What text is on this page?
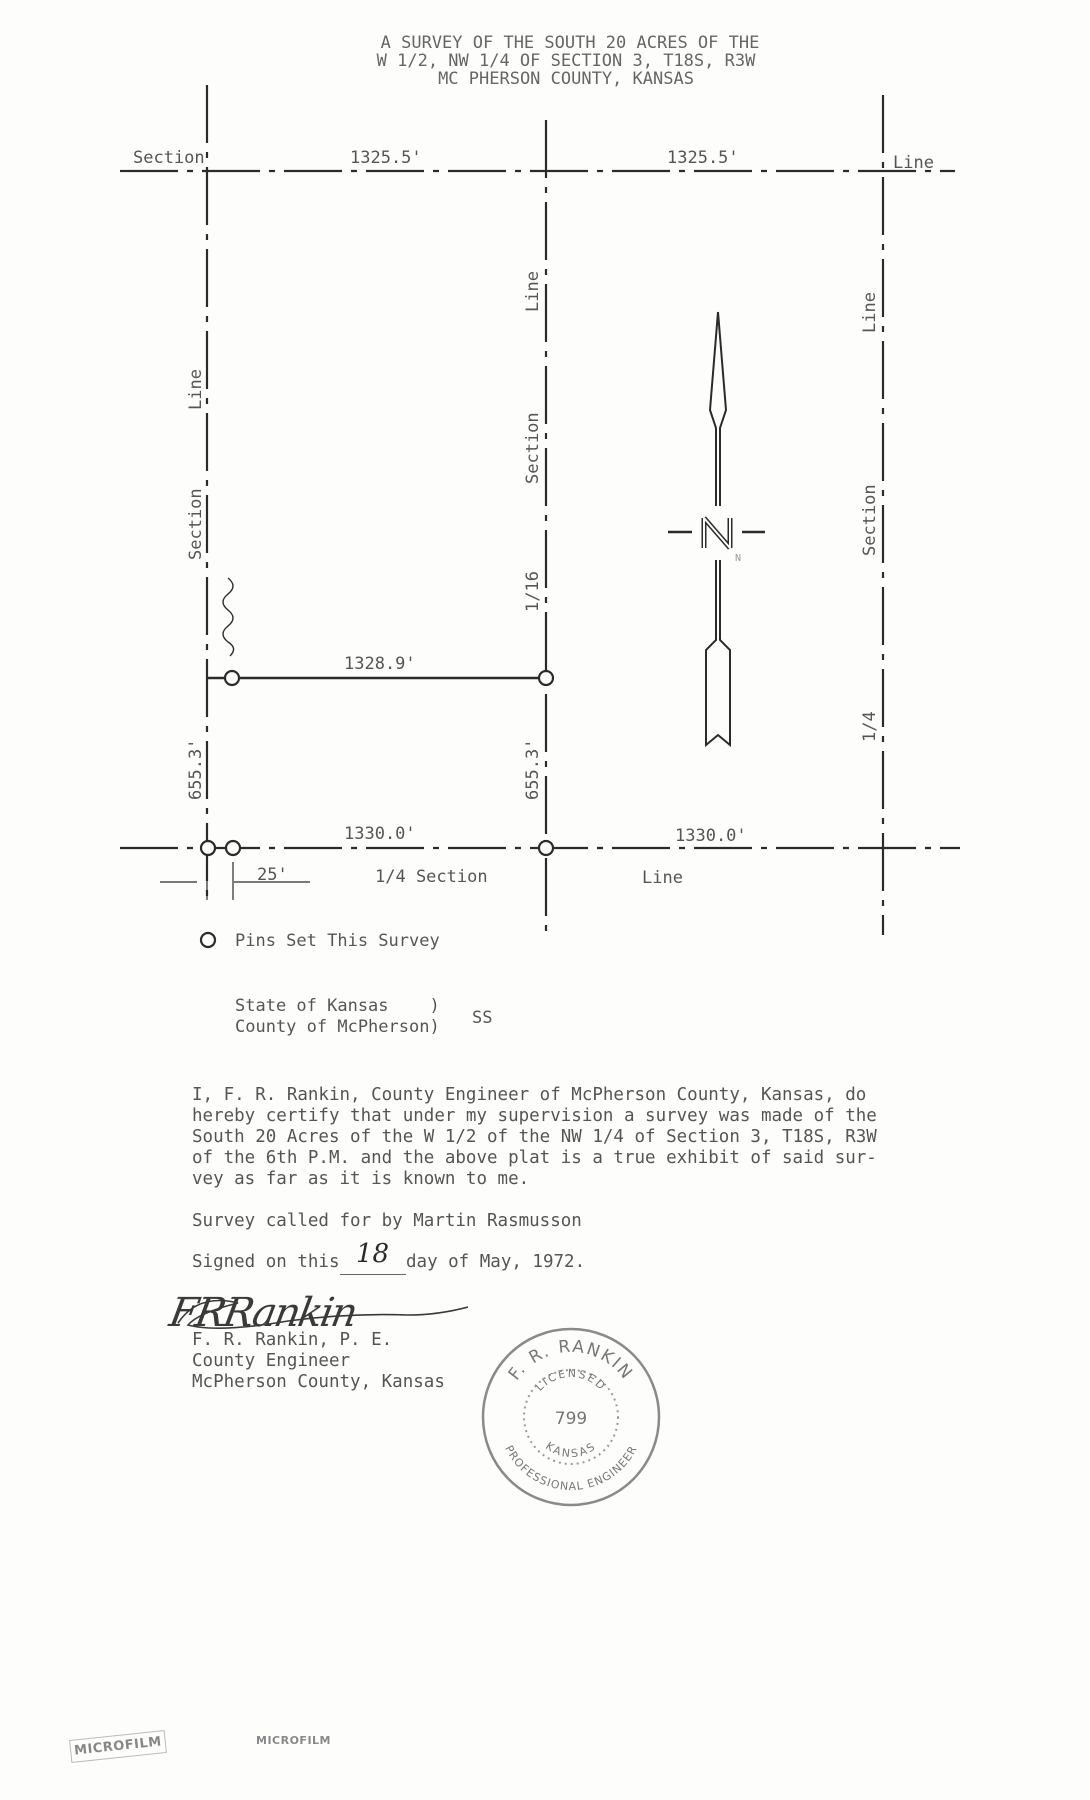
A SURVEY OF THE SOUTH 20 ACRES OF THE
W 1/2, NW 1/4 OF SECTION 3, T18S, R3W
MC PHERSON COUNTY, KANSAS
N
Section	1325.5'	1325.5'	Line
Line
Section
Line
Section
1/16
Line
Section
1/4
1328.9'
655.3'	655.3'
1330.0'	1330.0'
25'	1/4 Section	Line
Pins Set This Survey
State of Kansas    )
County of McPherson) SS
I, F. R. Rankin, County Engineer of McPherson County, Kansas, do
hereby certify that under my supervision a survey was made of the
South 20 Acres of the W 1/2 of the NW 1/4 of Section 3, T18S, R3W
of the 6th P.M. and the above plat is a true exhibit of said sur-
vey as far as it is known to me.
Survey called for by Martin Rasmusson
Signed on this 18 day of May, 1972.
FRRankin
F. R. Rankin, P. E.
County Engineer
McPherson County, Kansas	F. R. RANKIN
PROFESSIONAL ENGINEER
LICENSED
KANSAS
799
MICROFILM	MICROFILM
